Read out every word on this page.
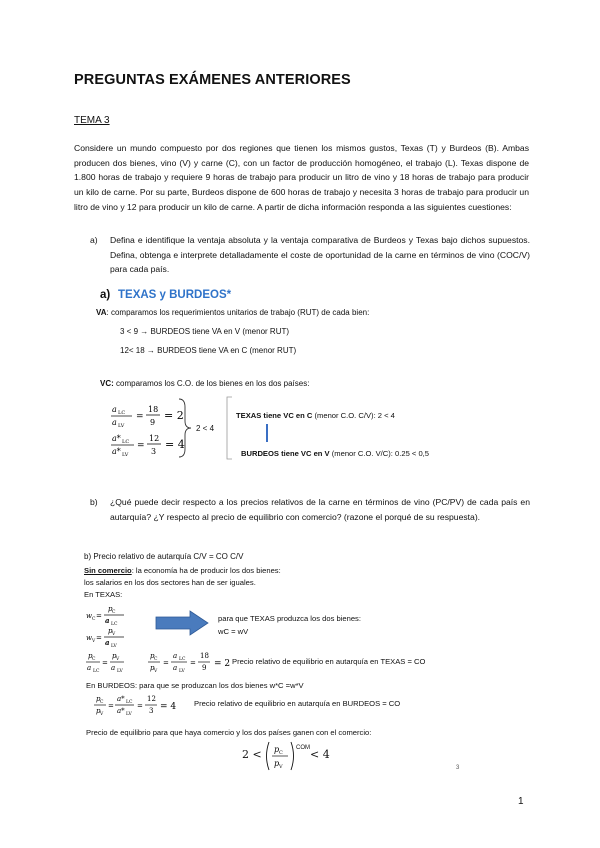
PREGUNTAS EXÁMENES ANTERIORES
TEMA 3
Considere un mundo compuesto por dos regiones que tienen los mismos gustos, Texas (T) y Burdeos (B). Ambas producen dos bienes, vino (V) y carne (C), con un factor de producción homogéneo, el trabajo (L). Texas dispone de 1.800 horas de trabajo y requiere 9 horas de trabajo para producir un litro de vino y 18 horas de trabajo para producir un kilo de carne. Por su parte, Burdeos dispone de 600 horas de trabajo y necesita 3 horas de trabajo para producir un litro de vino y 12 para producir un kilo de carne. A partir de dicha información responda a las siguientes cuestiones:
a) Defina e identifique la ventaja absoluta y la ventaja comparativa de Burdeos y Texas bajo dichos supuestos. Defina, obtenga e interprete detalladamente el coste de oportunidad de la carne en términos de vino (COC/V) para cada país.
a) TEXAS y BURDEOS*
VA: comparamos los requerimientos unitarios de trabajo (RUT) de cada bien:
3 < 9 → BURDEOS tiene VA en V (menor RUT)
12< 18 → BURDEOS tiene VA en C (menor RUT)
VC: comparamos los C.O. de los bienes en los dos países:
a LC
a LV
=
18
9
= 2
a* LC
a* LV
=
12
3
= 4
2 < 4
TEXAS tiene VC en C (menor C.O. C/V): 2 < 4
BURDEOS tiene VC en V (menor C.O. V/C): 0.25 < 0,5
b) ¿Qué puede decir respecto a los precios relativos de la carne en términos de vino (PC/PV) de cada país en autarquía? ¿Y respecto al precio de equilibrio con comercio? (razone el porqué de su respuesta).
b) Precio relativo de autarquía C/V = CO C/V
Sin comercio: la economía ha de producir los dos bienes:
los salarios en los dos sectores han de ser iguales.
En TEXAS:
w C =
p C
a LC
w V =
p V
a LV
para que TEXAS produzca los dos bienes:
wC = wV
p C
a LC
=
p V
a LV
p C
p V
=
a LC
a LV
=
18
9 = 2 Precio relativo de equilibrio en autarquía en TEXAS = CO
En BURDEOS: para que se produzcan los dos bienes w*C =w*V
p C
p V
=
a* LC
a* LV
=
12
3 = 4 Precio relativo de equilibrio en autarquía en BURDEOS = CO
Precio de equilibrio para que haya comercio y los dos países ganen con el comercio:
2 < p C
p V
COM < 4
3
1
